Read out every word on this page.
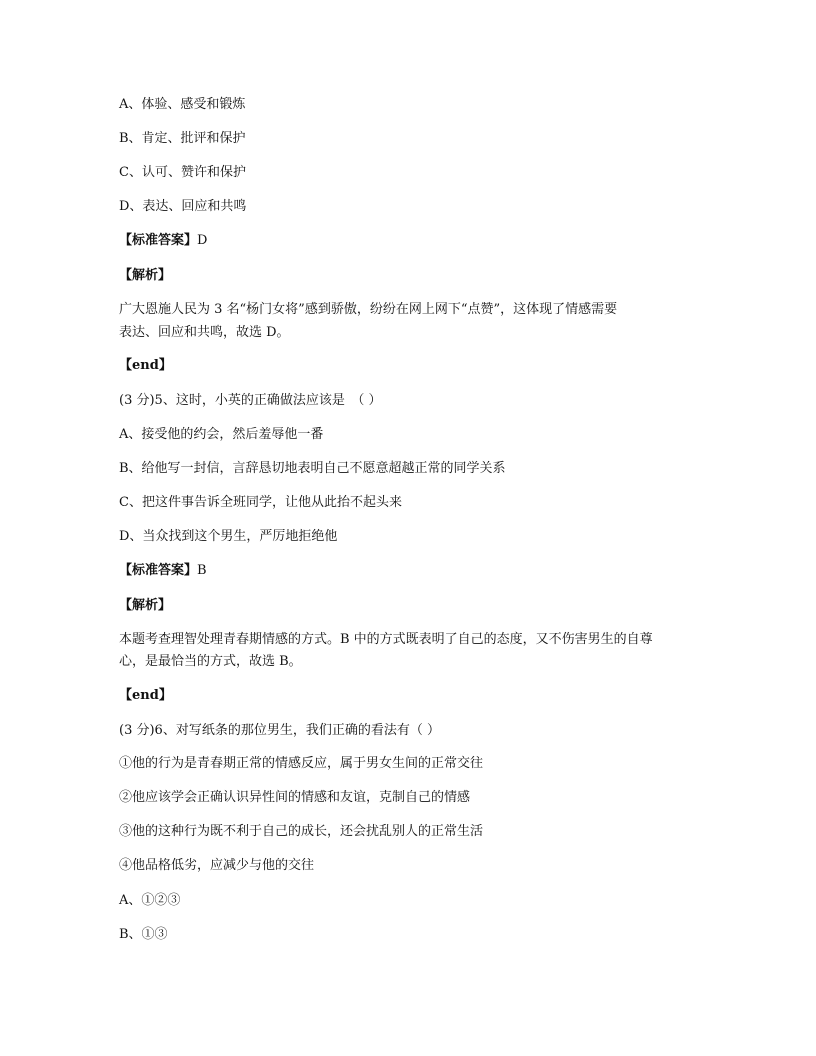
A、体验、感受和锻炼
B、肯定、批评和保护
C、认可、赞许和保护
D、表达、回应和共鸣
【标准答案】D
【解析】
广大恩施人民为 3 名“杨门女将”感到骄傲，纷纷在网上网下“点赞”，这体现了情感需要
表达、回应和共鸣，故选 D。
【end】
(3 分)5、这时，小英的正确做法应该是　（ ）
A、接受他的约会，然后羞辱他一番
B、给他写一封信，言辞恳切地表明自己不愿意超越正常的同学关系
C、把这件事告诉全班同学，让他从此抬不起头来
D、当众找到这个男生，严厉地拒绝他
【标准答案】B
【解析】
本题考查理智处理青春期情感的方式。B 中的方式既表明了自己的态度，又不伤害男生的自尊
心，是最恰当的方式，故选 B。
【end】
(3 分)6、对写纸条的那位男生，我们正确的看法有（ ）
①他的行为是青春期正常的情感反应，属于男女生间的正常交往
②他应该学会正确认识异性间的情感和友谊，克制自己的情感
③他的这种行为既不利于自己的成长，还会扰乱别人的正常生活
④他品格低劣，应减少与他的交往
A、①②③
B、①③
